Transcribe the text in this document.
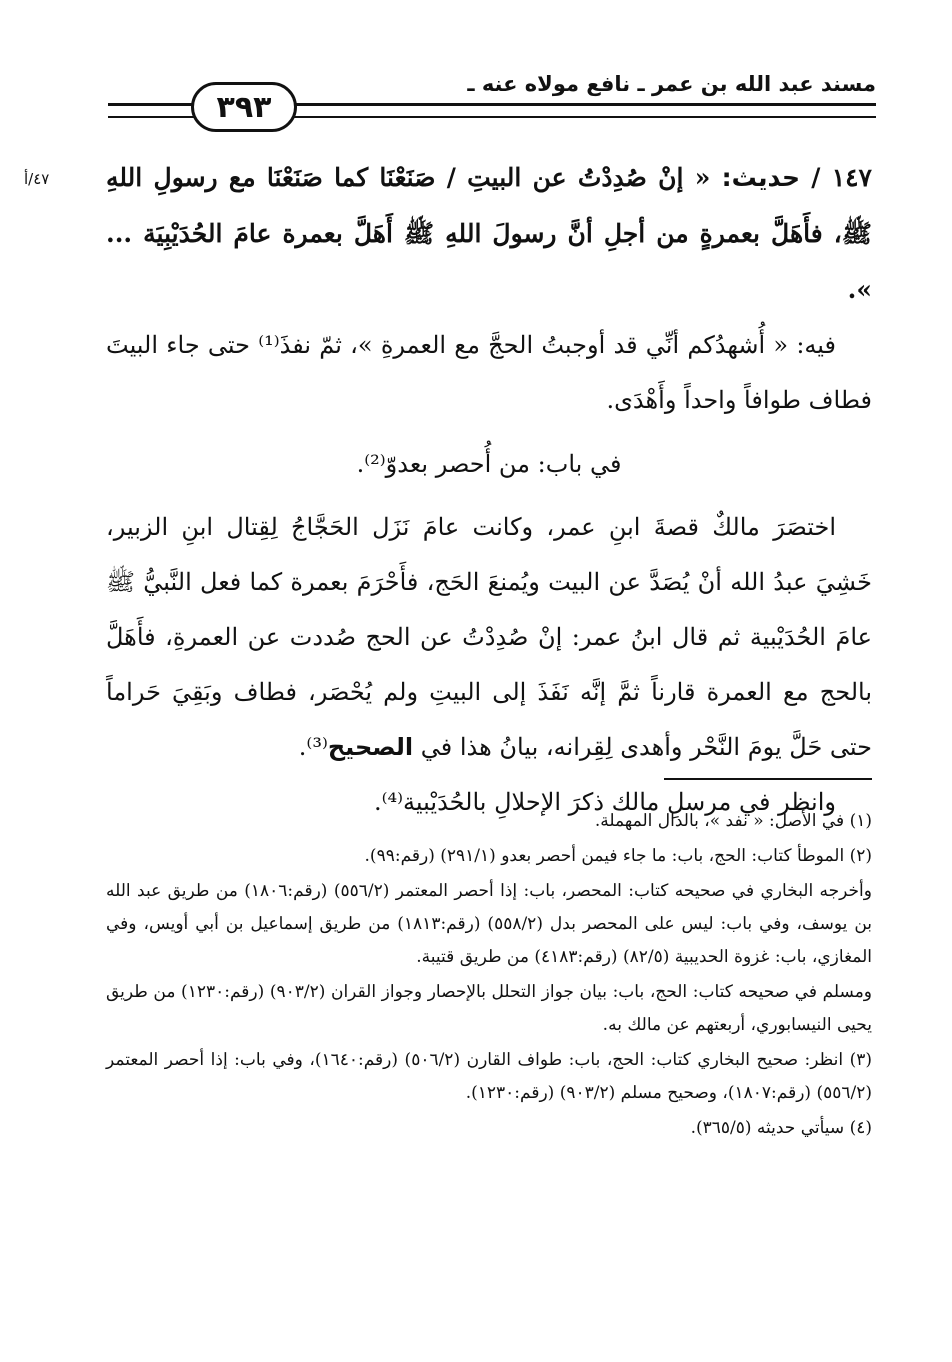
مسند عبد الله بن عمر ـ نافع مولاه عنه ـ
٣٩٣
٤٧/أ	١٤٧ / حديث: « إنْ صُدِدْتُ عن البيتِ / صَنَعْنَا كما صَنَعْنَا مع رسولِ اللهِ ﷺ، فأَهَلَّ بعمرةٍ من أجلِ أنَّ رسولَ اللهِ ﷺ أَهَلَّ بعمرة عامَ الحُدَيْبِيَة ... ».

فيه: « أُشهدُكم أنِّي قد أوجبتُ الحجَّ مع العمرةِ »، ثمّ نفذَ⁽¹⁾ حتى جاء البيتَ فطاف طوافاً واحداً وأَهْدَى.

في باب: من أُحصر بعدوّ⁽²⁾.

اختصَرَ مالكٌ قصةَ ابنِ عمر، وكانت عامَ نَزَل الحَجَّاجُ لِقِتال ابنِ الزبير، خَشِيَ عبدُ الله أنْ يُصَدَّ عن البيت ويُمنعَ الحَج، فأَحْرَمَ بعمرة كما فعل النَّبيُّ ﷺ عامَ الحُدَيْبية ثم قال ابنُ عمر: إنْ صُدِدْتُ عن الحج صُددت عن العمرةِ، فأَهَلَّ بالحج مع العمرة قارناً ثمَّ إنَّه نَفَذَ إلى البيتِ ولم يُحْصَر، فطاف وبَقِيَ حَراماً حتى حَلَّ يومَ النَّحْر وأهدى لِقِرانه، بيانُ هذا في الصحيح⁽³⁾.

وانظر في مرسلِ مالك ذكرَ الإحلالِ بالحُدَيْبية⁽⁴⁾.

(١) في الأصل: « نفد »، بالدال المهملة.

(٢) الموطأ كتاب: الحج، باب: ما جاء فيمن أحصر بعدو (٢٩١/١) (رقم:٩٩).

وأخرجه البخاري في صحيحه كتاب: المحصر، باب: إذا أحصر المعتمر (٥٥٦/٢) (رقم:١٨٠٦) من طريق عبد الله بن يوسف، وفي باب: ليس على المحصر بدل (٥٥٨/٢) (رقم:١٨١٣) من طريق إسماعيل بن أبي أويس، وفي المغازي، باب: غزوة الحديبية (٨٢/٥) (رقم:٤١٨٣) من طريق قتيبة.

ومسلم في صحيحه كتاب: الحج، باب: بيان جواز التحلل بالإحصار وجواز القران (٩٠٣/٢) (رقم:١٢٣٠) من طريق يحيى النيسابوري، أربعتهم عن مالك به.

(٣) انظر: صحيح البخاري كتاب: الحج، باب: طواف القارن (٥٠٦/٢) (رقم:١٦٤٠)، وفي باب: إذا أحصر المعتمر (٥٥٦/٢) (رقم:١٨٠٧)، وصحيح مسلم (٩٠٣/٢) (رقم:١٢٣٠).

(٤) سيأتي حديثه (٣٦٥/٥).
